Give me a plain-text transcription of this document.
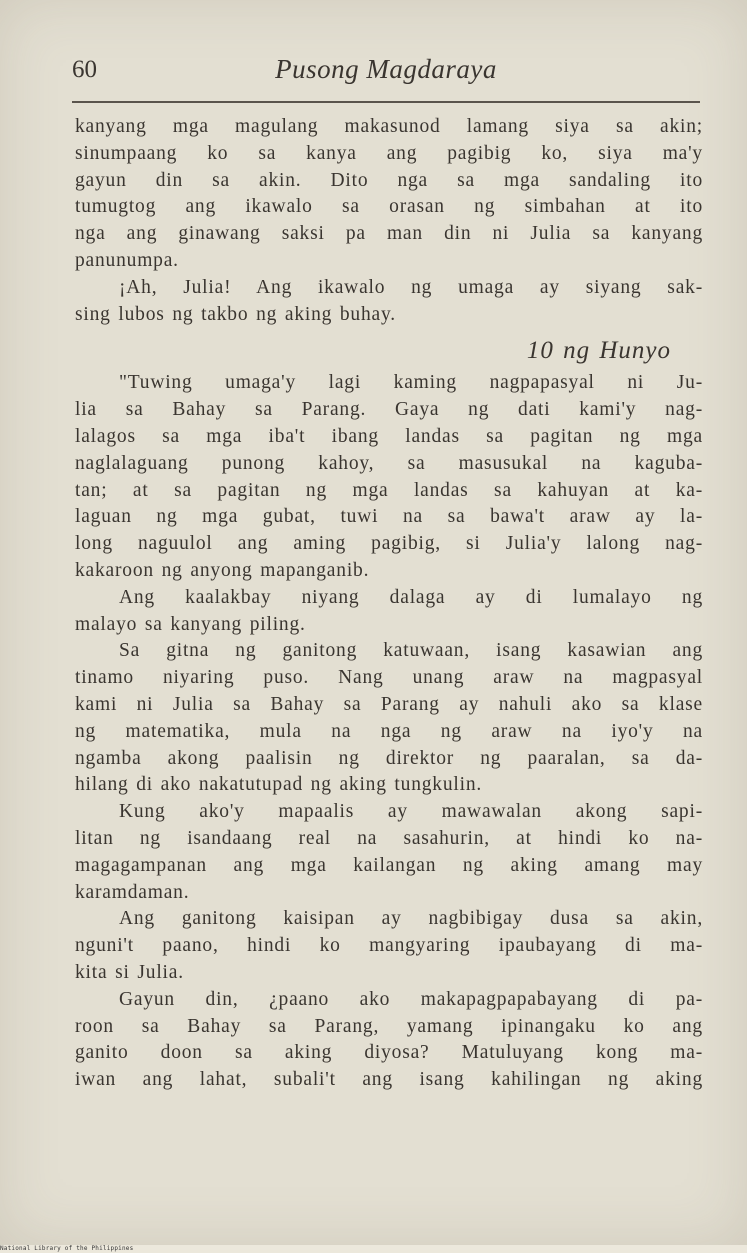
60	Pusong Magdaraya
kanyang mga magulang makasunod lamang siya sa akin;
sinumpaang ko sa kanya ang pagibig ko, siya ma'y
gayun din sa akin. Dito nga sa mga sandaling ito
tumugtog ang ikawalo sa orasan ng simbahan at ito
nga ang ginawang saksi pa man din ni Julia sa kanyang
panunumpa.
¡Ah, Julia! Ang ikawalo ng umaga ay siyang sak-
sing lubos ng takbo ng aking buhay.
10 ng Hunyo
"Tuwing umaga'y lagi kaming nagpapasyal ni Ju-
lia sa Bahay sa Parang. Gaya ng dati kami'y nag-
lalagos sa mga iba't ibang landas sa pagitan ng mga
naglalaguang punong kahoy, sa masusukal na kaguba-
tan; at sa pagitan ng mga landas sa kahuyan at ka-
laguan ng mga gubat, tuwi na sa bawa't araw ay la-
long naguulol ang aming pagibig, si Julia'y lalong nag-
kakaroon ng anyong mapanganib.
Ang kaalakbay niyang dalaga ay di lumalayo ng
malayo sa kanyang piling.
Sa gitna ng ganitong katuwaan, isang kasawian ang
tinamo niyaring puso. Nang unang araw na magpasyal
kami ni Julia sa Bahay sa Parang ay nahuli ako sa klase
ng matematika, mula na nga ng araw na iyo'y na
ngamba akong paalisin ng direktor ng paaralan, sa da-
hilang di ako nakatutupad ng aking tungkulin.
Kung ako'y mapaalis ay mawawalan akong sapi-
litan ng isandaang real na sasahurin, at hindi ko na-
magagampanan ang mga kailangan ng aking amang may
karamdaman.
Ang ganitong kaisipan ay nagbibigay dusa sa akin,
nguni't paano, hindi ko mangyaring ipaubayang di ma-
kita si Julia.
Gayun din, ¿paano ako makapagpapabayang di pa-
roon sa Bahay sa Parang, yamang ipinangaku ko ang
ganito doon sa aking diyosa? Matuluyang kong ma-
iwan ang lahat, subali't ang isang kahilingan ng aking
National Library of the Philippines
